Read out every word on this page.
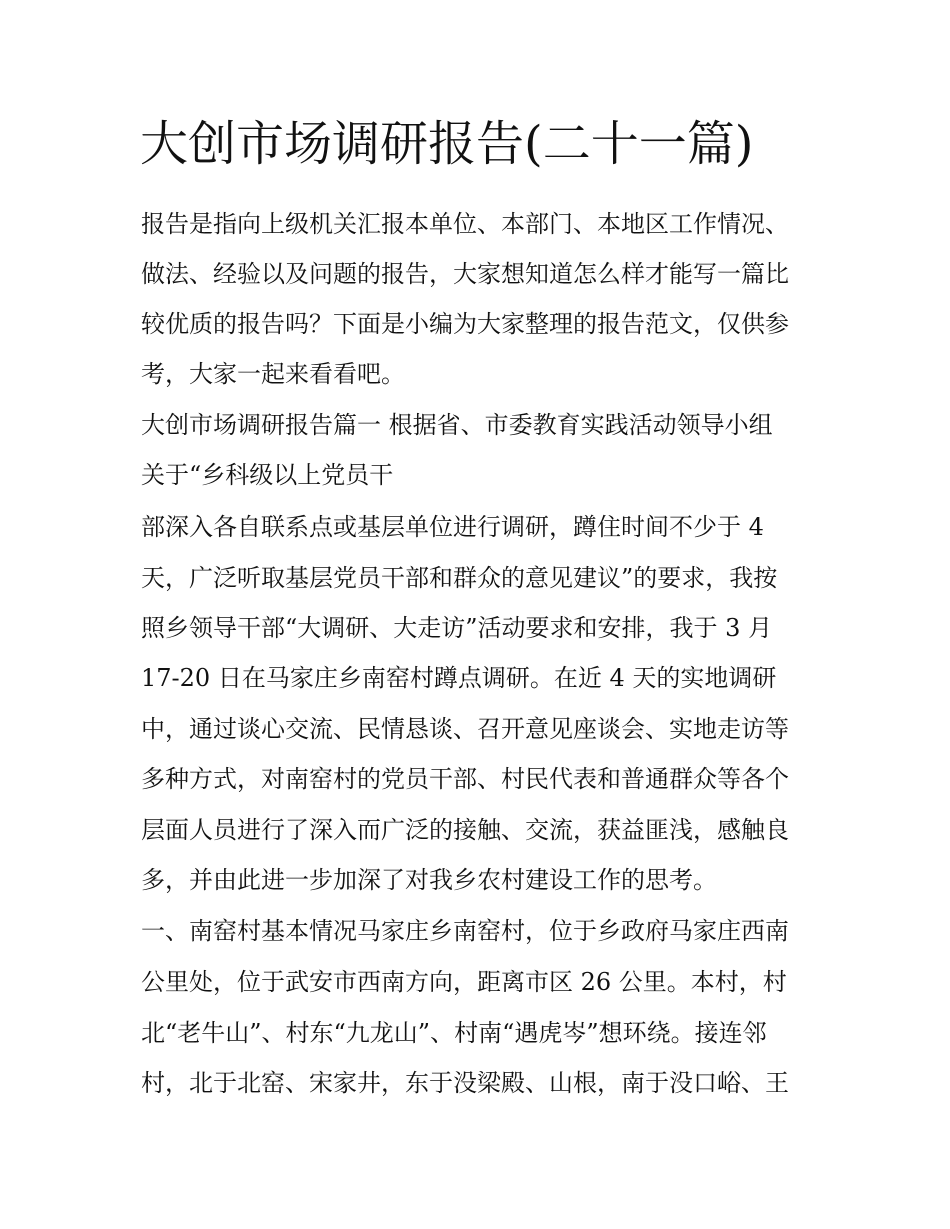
大创市场调研报告(二十一篇)
报告是指向上级机关汇报本单位、本部门、本地区工作情况、
做法、经验以及问题的报告，大家想知道怎么样才能写一篇比
较优质的报告吗？下面是小编为大家整理的报告范文，仅供参
考，大家一起来看看吧。
大创市场调研报告篇一 根据省、市委教育实践活动领导小组
关于“乡科级以上党员干
部深入各自联系点或基层单位进行调研，蹲住时间不少于 4
天，广泛听取基层党员干部和群众的意见建议”的要求，我按
照乡领导干部“大调研、大走访”活动要求和安排，我于 3 月
17-20 日在马家庄乡南窑村蹲点调研。在近 4 天的实地调研
中，通过谈心交流、民情恳谈、召开意见座谈会、实地走访等
多种方式，对南窑村的党员干部、村民代表和普通群众等各个
层面人员进行了深入而广泛的接触、交流，获益匪浅，感触良
多，并由此进一步加深了对我乡农村建设工作的思考。
一、南窑村基本情况马家庄乡南窑村，位于乡政府马家庄西南
公里处，位于武安市西南方向，距离市区 26 公里。本村，村
北“老牛山”、村东“九龙山”、村南“遇虎岑”想环绕。接连邻
村，北于北窑、宋家井，东于没梁殿、山根，南于没口峪、王
